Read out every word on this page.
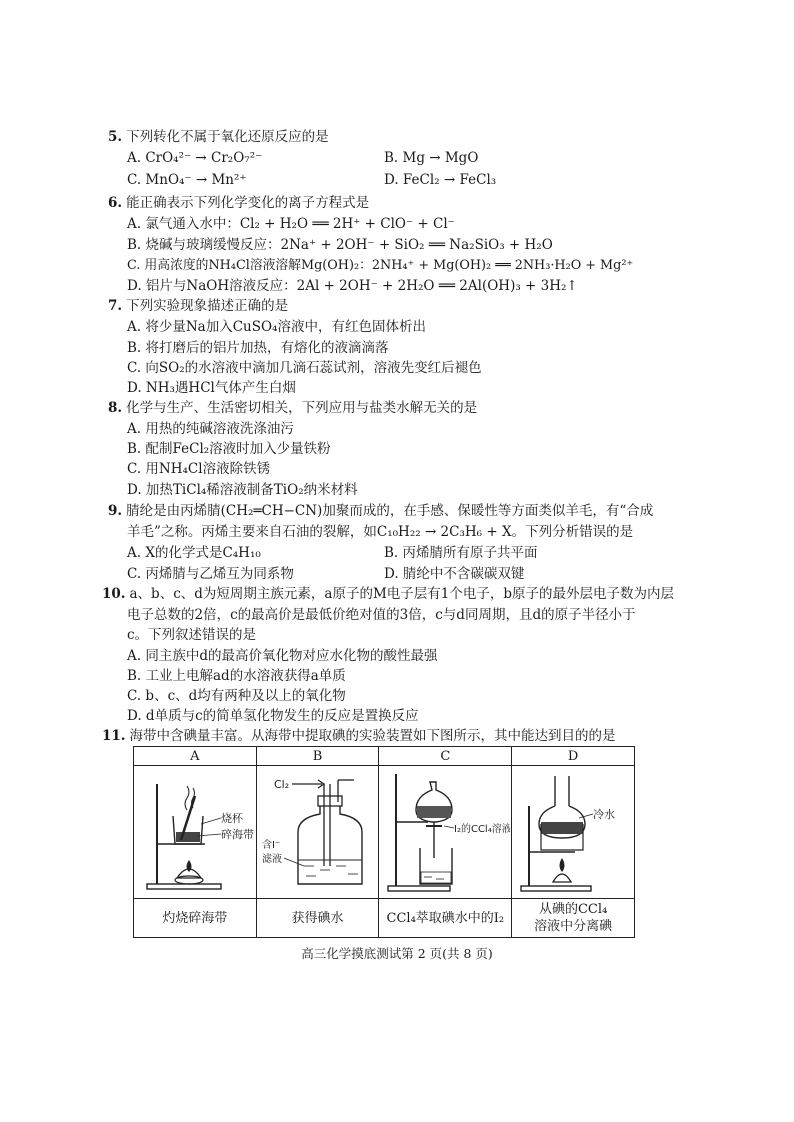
5. 下列转化不属于氧化还原反应的是
A. CrO₄²⁻ → Cr₂O₇²⁻	B. Mg → MgO
C. MnO₄⁻ → Mn²⁺	D. FeCl₂ → FeCl₃
6. 能正确表示下列化学变化的离子方程式是
A. 氯气通入水中：Cl₂ + H₂O ══ 2H⁺ + ClO⁻ + Cl⁻
B. 烧碱与玻璃缓慢反应：2Na⁺ + 2OH⁻ + SiO₂ ══ Na₂SiO₃ + H₂O
C. 用高浓度的NH₄Cl溶液溶解Mg(OH)₂：2NH₄⁺ + Mg(OH)₂ ══ 2NH₃·H₂O + Mg²⁺
D. 铝片与NaOH溶液反应：2Al + 2OH⁻ + 2H₂O ══ 2Al(OH)₃ + 3H₂↑
7. 下列实验现象描述正确的是
A. 将少量Na加入CuSO₄溶液中，有红色固体析出
B. 将打磨后的铝片加热，有熔化的液滴滴落
C. 向SO₂的水溶液中滴加几滴石蕊试剂，溶液先变红后褪色
D. NH₃遇HCl气体产生白烟
8. 化学与生产、生活密切相关，下列应用与盐类水解无关的是
A. 用热的纯碱溶液洗涤油污
B. 配制FeCl₂溶液时加入少量铁粉
C. 用NH₄Cl溶液除铁锈
D. 加热TiCl₄稀溶液制备TiO₂纳米材料
9. 腈纶是由丙烯腈(CH₂═CH−CN)加聚而成的，在手感、保暖性等方面类似羊毛，有“合成
羊毛”之称。丙烯主要来自石油的裂解，如C₁₀H₂₂ → 2C₃H₆ + X。下列分析错误的是
A. X的化学式是C₄H₁₀	B. 丙烯腈所有原子共平面
C. 丙烯腈与乙烯互为同系物	D. 腈纶中不含碳碳双键
10. a、b、c、d为短周期主族元素，a原子的M电子层有1个电子，b原子的最外层电子数为内层
电子总数的2倍，c的最高价是最低价绝对值的3倍，c与d同周期，且d的原子半径小于
c。下列叙述错误的是
A. 同主族中d的最高价氧化物对应水化物的酸性最强
B. 工业上电解ad的水溶液获得a单质
C. b、c、d均有两种及以上的氧化物
D. d单质与c的简单氢化物发生的反应是置换反应
11. 海带中含碘量丰富。从海带中提取碘的实验装置如下图所示，其中能达到目的的是
A	B	C	D

烧杯
碎海带	Cl₂
含I⁻
滤液	I₂的CCl₄溶液	冷水

灼烧碎海带	获得碘水	CCl₄萃取碘水中的I₂	从碘的CCl₄
溶液中分离碘
高三化学摸底测试第 2 页(共 8 页)
